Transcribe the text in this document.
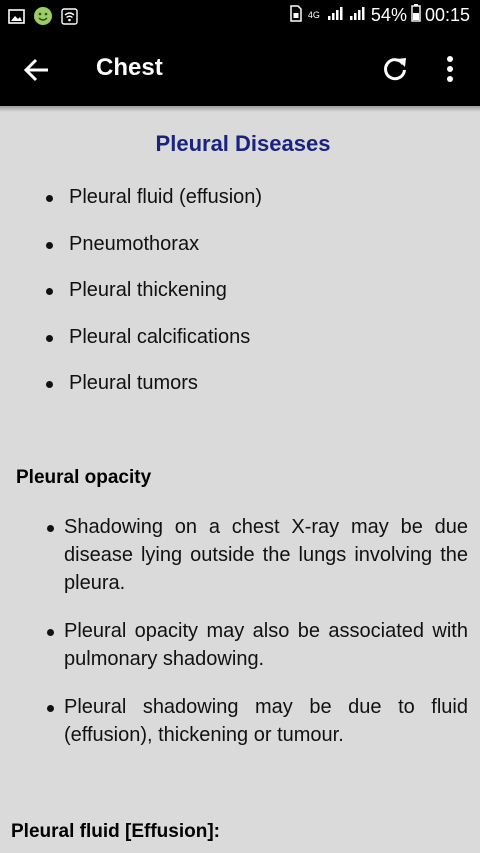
4G	54% 00:15
Chest
Pleural Diseases
Pleural fluid (effusion)
Pneumothorax
Pleural thickening
Pleural calcifications
Pleural tumors
Pleural opacity
Shadowing on a chest X-ray may be due disease lying outside the lungs involving the pleura.
Pleural opacity may also be associated with pulmonary shadowing.
Pleural shadowing may be due to fluid (effusion), thickening or tumour.
Pleural fluid [Effusion]:
